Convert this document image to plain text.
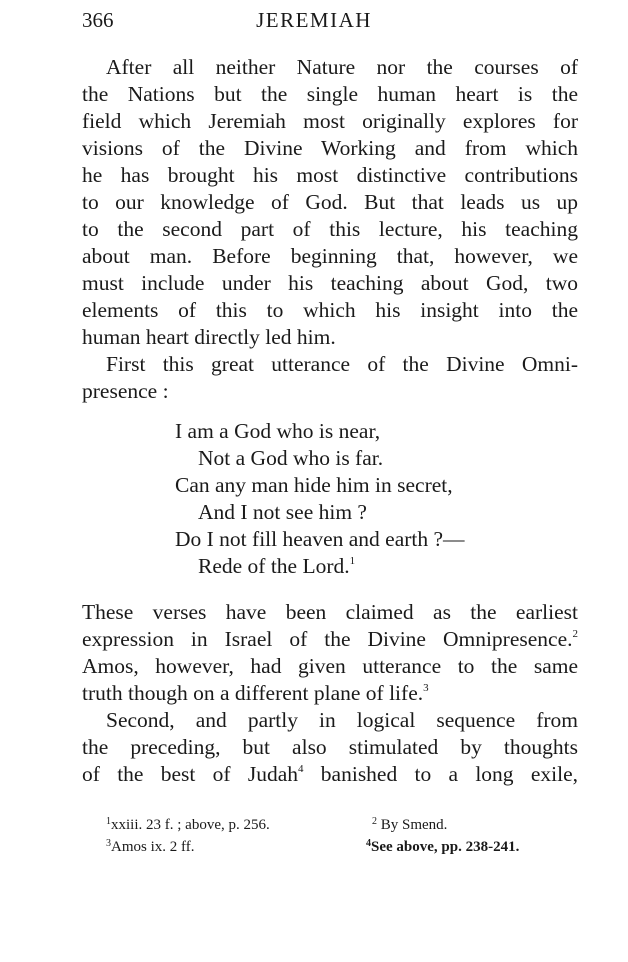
366	JEREMIAH
After all neither Nature nor the courses of
the Nations but the single human heart is the
field which Jeremiah most originally explores for
visions of the Divine Working and from which
he has brought his most distinctive contributions
to our knowledge of God. But that leads us up
to the second part of this lecture, his teaching
about man. Before beginning that, however, we
must include under his teaching about God, two
elements of this to which his insight into the
human heart directly led him.
First this great utterance of the Divine Omni-
presence :
I am a God who is near,
Not a God who is far.
Can any man hide him in secret,
And I not see him ?
Do I not fill heaven and earth ?—
Rede of the Lord.$^1$
These verses have been claimed as the earliest
expression in Israel of the Divine Omnipresence.$^2$
Amos, however, had given utterance to the same
truth though on a different plane of life.$^3$
Second, and partly in logical sequence from
the preceding, but also stimulated by thoughts
of the best of Judah$^4$ banished to a long exile,
$^1$xxiii. 23 f. ; above, p. 256.	$^2$ By Smend.
$^3$Amos ix. 2 ff.	$^4$See above, pp. 238-241.
